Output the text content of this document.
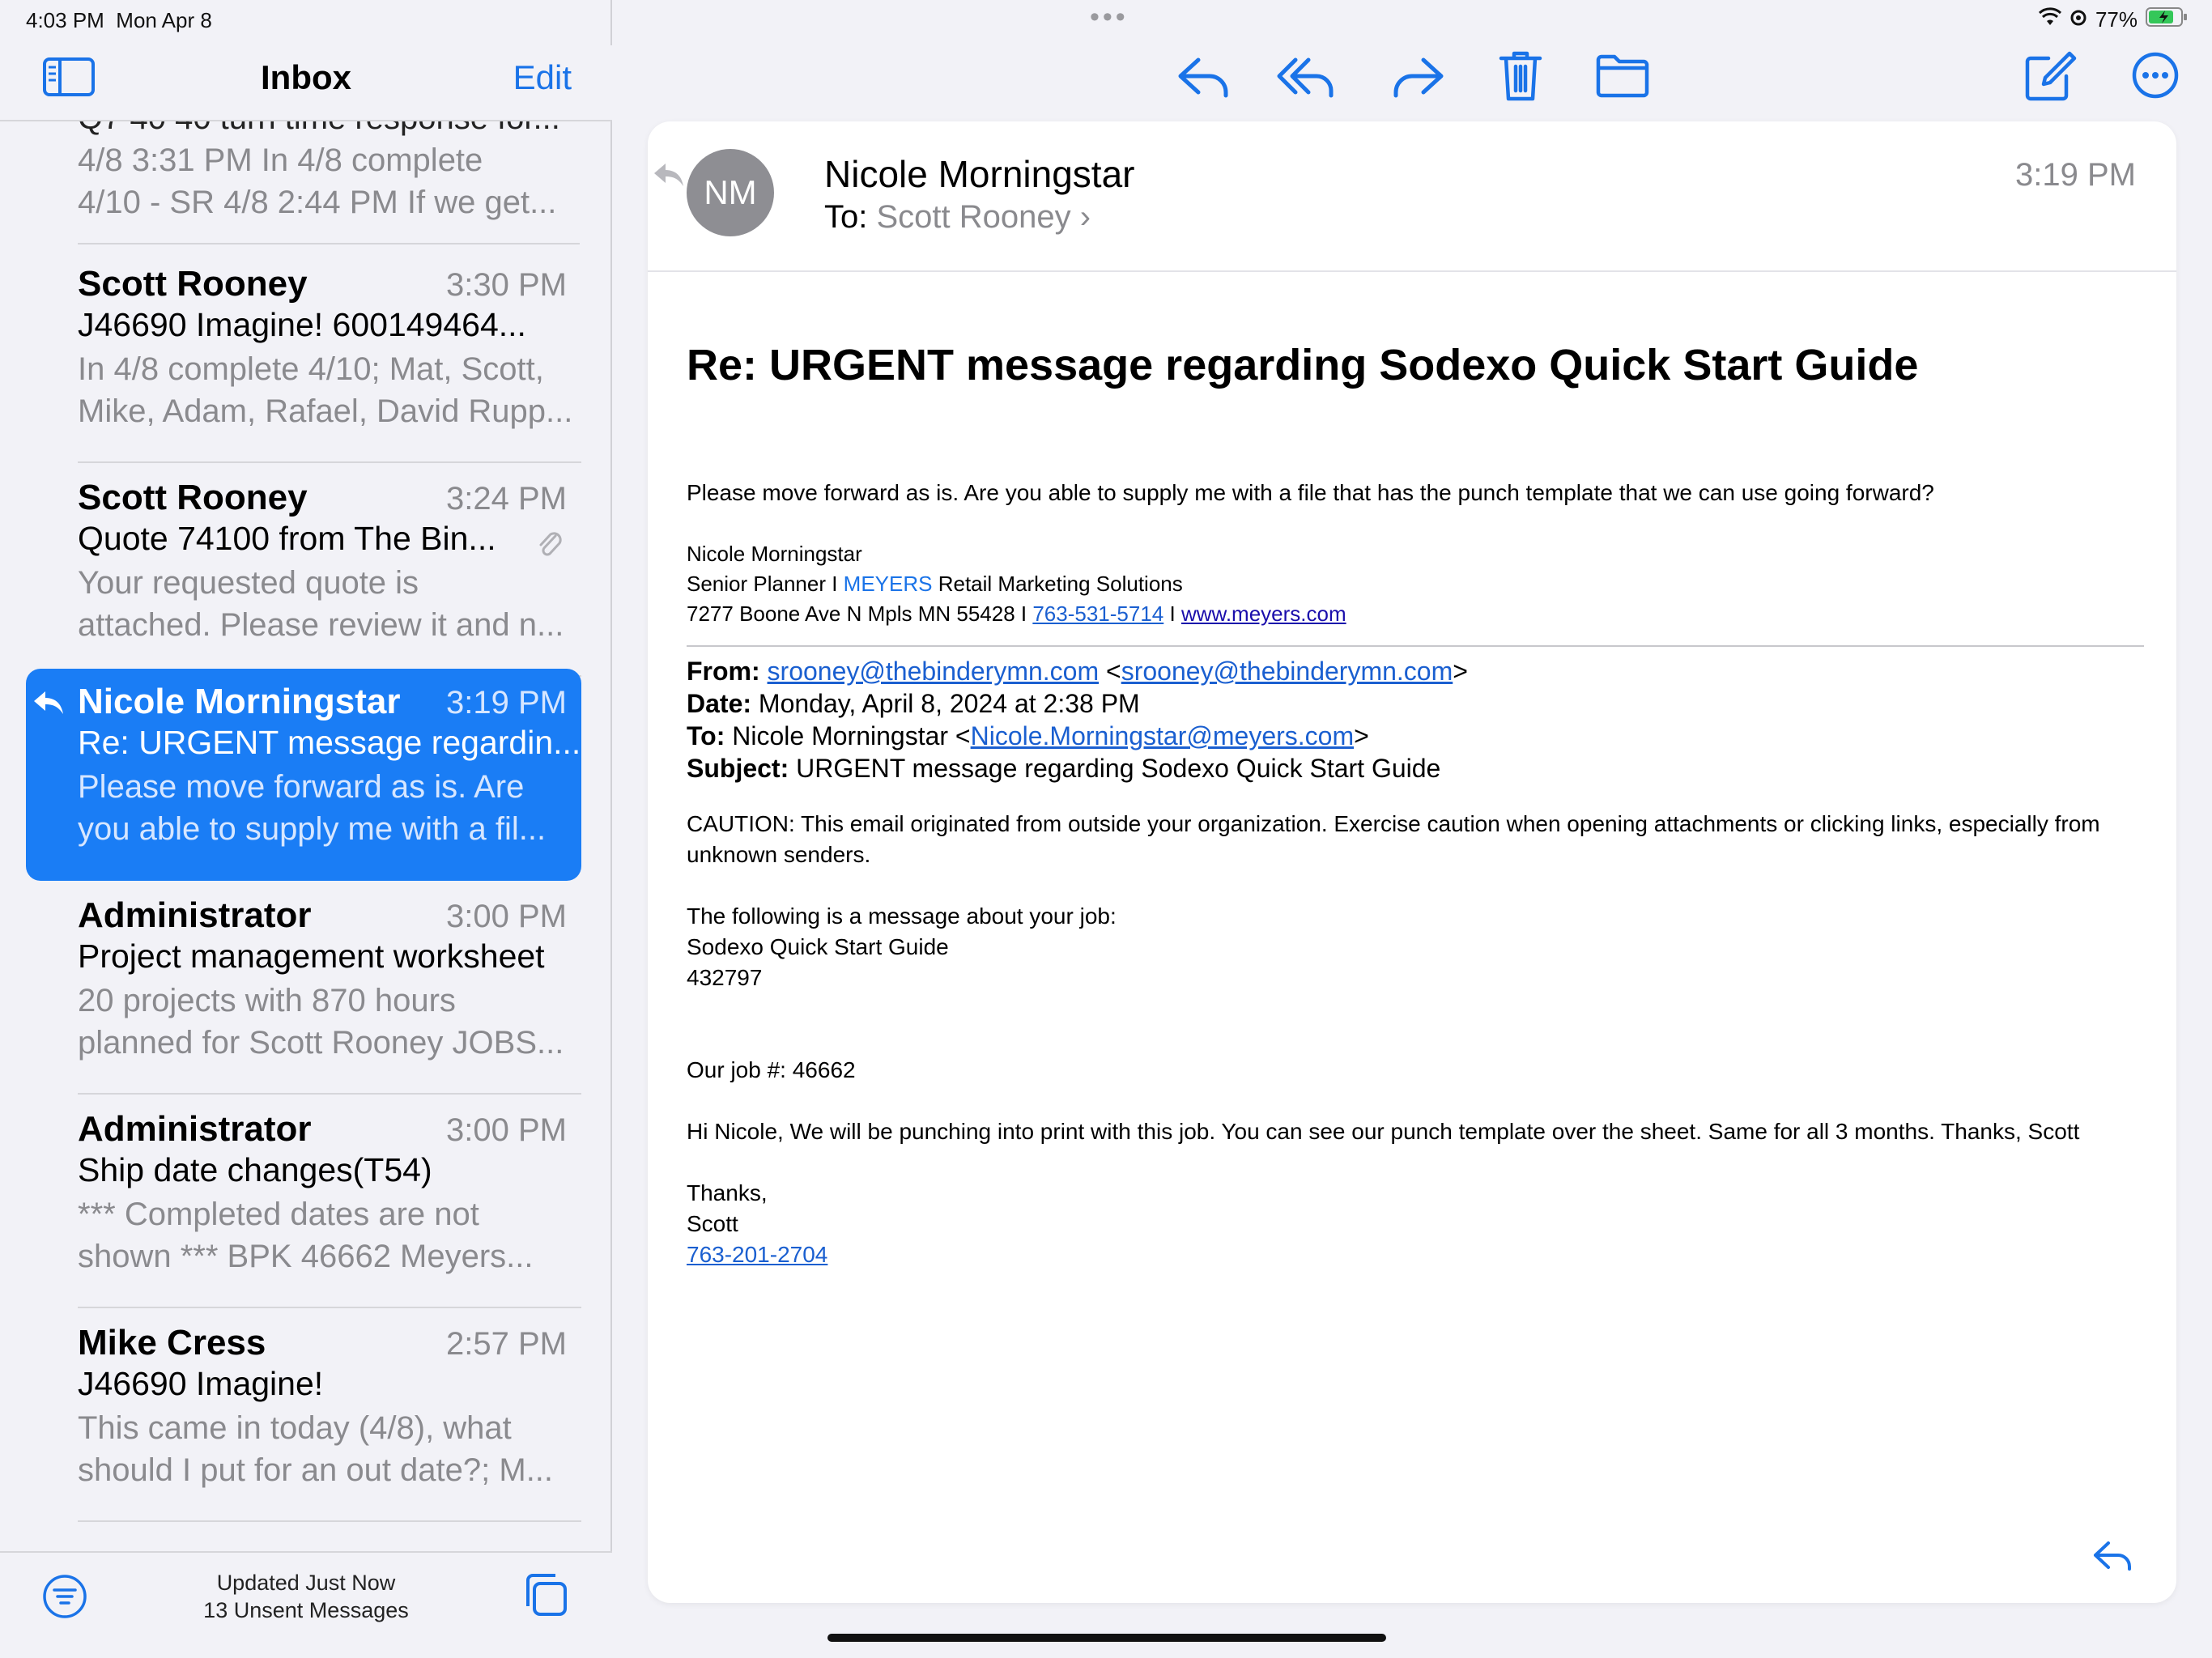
4:03 PM Mon Apr 8
Inbox	Edit
4/8 3:31 PM In 4/8 complete
4/10 - SR 4/8 2:44 PM If we get...
Scott Rooney	3:30 PM
J46690 Imagine! 600149464...
In 4/8 complete 4/10; Mat, Scott,
Mike, Adam, Rafael, David Rupp...
Scott Rooney	3:24 PM
Quote 74100 from The Bin...
Your requested quote is
attached. Please review it and n...
Nicole Morningstar 3:19 PM
Re: URGENT message regardin...
Please move forward as is. Are
you able to supply me with a fil...
Administrator	3:00 PM
Project management worksheet
20 projects with 870 hours
planned for Scott Rooney JOBS...
Administrator	3:00 PM
Ship date changes(T54)
*** Completed dates are not
shown *** BPK 46662 Meyers...
Mike Cress	2:57 PM
J46690 Imagine!
This came in today (4/8), what
should I put for an out date?; M...
Updated Just Now
13 Unsent Messages
•••	77%
NM	Nicole Morningstar
To: Scott Rooney ›
3:19 PM
Re: URGENT message regarding Sodexo Quick Start Guide

Please move forward as is. Are you able to supply me with a file that has the punch template that we can use going forward?

Nicole Morningstar
Senior Planner I MEYERS Retail Marketing Solutions
7277 Boone Ave N Mpls MN 55428 I 763-531-5714 I www.meyers.com
From: srooney@thebinderymn.com <srooney@thebinderymn.com>
Date: Monday, April 8, 2024 at 2:38 PM
To: Nicole Morningstar <Nicole.Morningstar@meyers.com>
Subject: URGENT message regarding Sodexo Quick Start Guide

CAUTION: This email originated from outside your organization. Exercise caution when opening attachments or clicking links, especially from unknown senders.

The following is a message about your job:

Sodexo Quick Start Guide

432797

Our job #: 46662

Hi Nicole, We will be punching into print with this job. You can see our punch template over the sheet. Same for all 3 months. Thanks, Scott

Thanks,

Scott

763-201-2704
